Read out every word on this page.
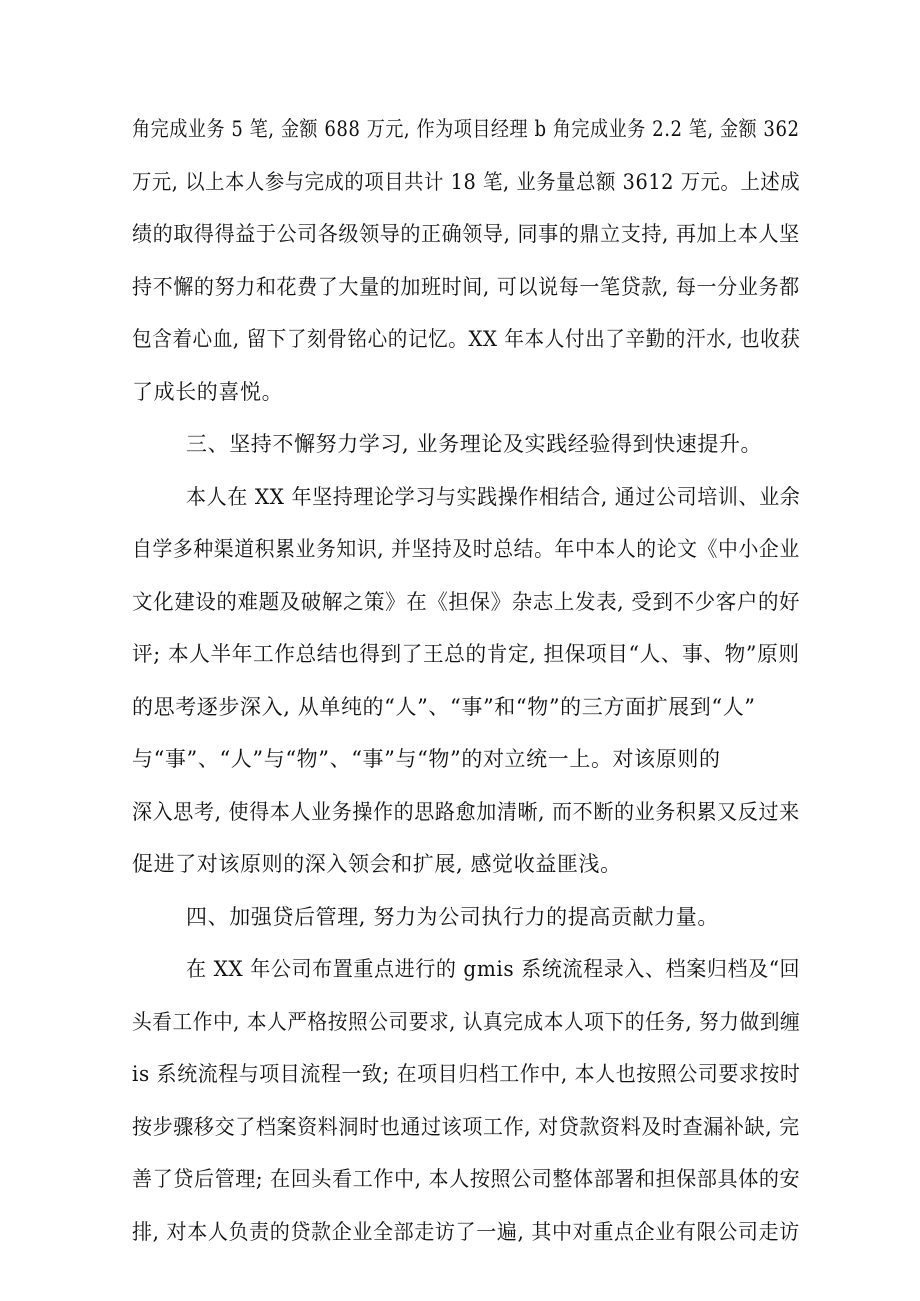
角完成业务 5 笔, 金额 688 万元, 作为项目经理 b 角完成业务 2.2 笔, 金额 362
万元, 以上本人参与完成的项目共计 18 笔, 业务量总额 3612 万元。上述成
绩的取得得益于公司各级领导的正确领导, 同事的鼎立支持, 再加上本人坚
持不懈的努力和花费了大量的加班时间, 可以说每一笔贷款, 每一分业务都
包含着心血, 留下了刻骨铭心的记忆。XX 年本人付出了辛勤的汗水, 也收获
了成长的喜悦。
三、坚持不懈努力学习, 业务理论及实践经验得到快速提升。
本人在 XX 年坚持理论学习与实践操作相结合, 通过公司培训、业余
自学多种渠道积累业务知识, 并坚持及时总结。年中本人的论文《中小企业
文化建设的难题及破解之策》在《担保》杂志上发表, 受到不少客户的好
评; 本人半年工作总结也得到了王总的肯定, 担保项目“人、事、物”原则
的思考逐步深入, 从单纯的“人”、“事”和“物”的三方面扩展到“人”
与“事”、“人”与“物”、“事”与“物”的对立统一上。对该原则的
深入思考, 使得本人业务操作的思路愈加清晰, 而不断的业务积累又反过来
促进了对该原则的深入领会和扩展, 感觉收益匪浅。
四、加强贷后管理, 努力为公司执行力的提高贡献力量。
在 XX 年公司布置重点进行的 gmis 系统流程录入、档案归档及“回
头看工作中, 本人严格按照公司要求, 认真完成本人项下的任务, 努力做到缠
is 系统流程与项目流程一致; 在项目归档工作中, 本人也按照公司要求按时
按步骤移交了档案资料洞时也通过该项工作, 对贷款资料及时查漏补缺, 完
善了贷后管理; 在回头看工作中, 本人按照公司整体部署和担保部具体的安
排, 对本人负责的贷款企业全部走访了一遍, 其中对重点企业有限公司走访
